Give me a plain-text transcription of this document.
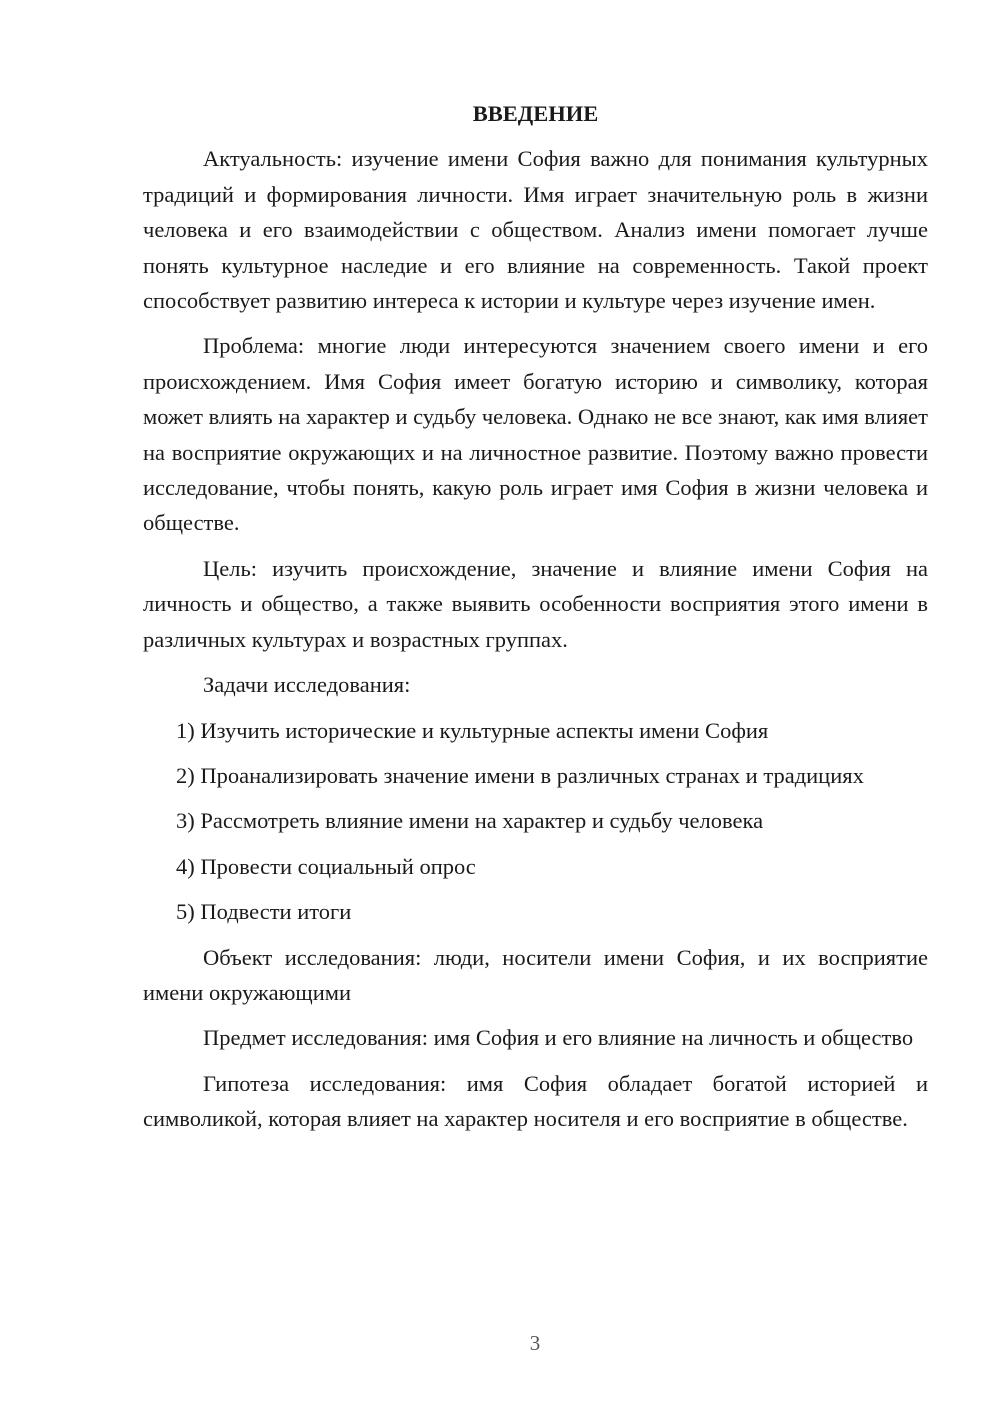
ВВЕДЕНИЕ

Актуальность: изучение имени София важно для понимания культурных традиций и формирования личности. Имя играет значительную роль в жизни человека и его взаимодействии с обществом. Анализ имени помогает лучше понять культурное наследие и его влияние на современность. Такой проект способствует развитию интереса к истории и культуре через изучение имен.

Проблема: многие люди интересуются значением своего имени и его происхождением. Имя София имеет богатую историю и символику, которая может влиять на характер и судьбу человека. Однако не все знают, как имя влияет на восприятие окружающих и на личностное развитие. Поэтому важно провести исследование, чтобы понять, какую роль играет имя София в жизни человека и обществе.

Цель: изучить происхождение, значение и влияние имени София на личность и общество, а также выявить особенности восприятия этого имени в различных культурах и возрастных группах.

Задачи исследования:

1) Изучить исторические и культурные аспекты имени София

2) Проанализировать значение имени в различных странах и традициях

3) Рассмотреть влияние имени на характер и судьбу человека

4) Провести социальный опрос

5) Подвести итоги

Объект исследования: люди, носители имени София, и их восприятие имени окружающими

Предмет исследования: имя София и его влияние на личность и общество

Гипотеза исследования: имя София обладает богатой историей и символикой, которая влияет на характер носителя и его восприятие в обществе.

3
